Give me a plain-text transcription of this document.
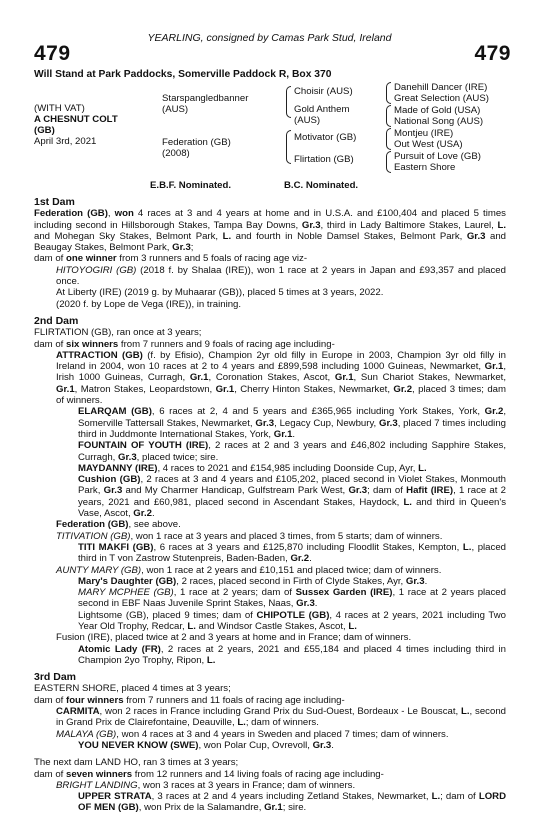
YEARLING, consigned by Camas Park Stud, Ireland
479	479
Will Stand at Park Paddocks, Somerville Paddock R, Box 370
(WITH VAT)
A CHESNUT COLT
(GB)
April 3rd, 2021
Starspangledbanner
(AUS)
Federation (GB)
(2008)
Choisir (AUS)
Gold Anthem
(AUS)
Motivator (GB)
Flirtation (GB)
Danehill Dancer (IRE)
Great Selection (AUS)
Made of Gold (USA)
National Song (AUS)
Montjeu (IRE)
Out West (USA)
Pursuit of Love (GB)
Eastern Shore
E.B.F. Nominated.	B.C. Nominated.
1st Dam

Federation (GB), won 4 races at 3 and 4 years at home and in U.S.A. and £100,404 and placed 5 times including second in Hillsborough Stakes, Tampa Bay Downs, Gr.3, third in Lady Baltimore Stakes, Laurel, L. and Mohegan Sky Stakes, Belmont Park, L. and fourth in Noble Damsel Stakes, Belmont Park, Gr.3 and Beaugay Stakes, Belmont Park, Gr.3;

dam of one winner from 3 runners and 5 foals of racing age viz-

HITOYOGIRI (GB) (2018 f. by Shalaa (IRE)), won 1 race at 2 years in Japan and £93,357 and placed once.

At Liberty (IRE) (2019 g. by Muhaarar (GB)), placed 5 times at 3 years, 2022.

(2020 f. by Lope de Vega (IRE)), in training.

2nd Dam

FLIRTATION (GB), ran once at 3 years;

dam of six winners from 7 runners and 9 foals of racing age including-

ATTRACTION (GB) (f. by Efisio), Champion 2yr old filly in Europe in 2003, Champion 3yr old filly in Ireland in 2004, won 10 races at 2 to 4 years and £899,598 including 1000 Guineas, Newmarket, Gr.1, Irish 1000 Guineas, Curragh, Gr.1, Coronation Stakes, Ascot, Gr.1, Sun Chariot Stakes, Newmarket, Gr.1, Matron Stakes, Leopardstown, Gr.1, Cherry Hinton Stakes, Newmarket, Gr.2, placed 3 times; dam of winners.

ELARQAM (GB), 6 races at 2, 4 and 5 years and £365,965 including York Stakes, York, Gr.2, Somerville Tattersall Stakes, Newmarket, Gr.3, Legacy Cup, Newbury, Gr.3, placed 7 times including third in Juddmonte International Stakes, York, Gr.1.

FOUNTAIN OF YOUTH (IRE), 2 races at 2 and 3 years and £46,802 including Sapphire Stakes, Curragh, Gr.3, placed twice; sire.

MAYDANNY (IRE), 4 races to 2021 and £154,985 including Doonside Cup, Ayr, L.

Cushion (GB), 2 races at 3 and 4 years and £105,202, placed second in Violet Stakes, Monmouth Park, Gr.3 and My Charmer Handicap, Gulfstream Park West, Gr.3; dam of Hafit (IRE), 1 race at 2 years, 2021 and £60,981, placed second in Ascendant Stakes, Haydock, L. and third in Queen's Vase, Ascot, Gr.2.

Federation (GB), see above.

TITIVATION (GB), won 1 race at 3 years and placed 3 times, from 5 starts; dam of winners.

TITI MAKFI (GB), 6 races at 3 years and £125,870 including Floodlit Stakes, Kempton, L., placed third in T von Zastrow Stutenpreis, Baden-Baden, Gr.2.

AUNTY MARY (GB), won 1 race at 2 years and £10,151 and placed twice; dam of winners.

Mary's Daughter (GB), 2 races, placed second in Firth of Clyde Stakes, Ayr, Gr.3.

MARY MCPHEE (GB), 1 race at 2 years; dam of Sussex Garden (IRE), 1 race at 2 years placed second in EBF Naas Juvenile Sprint Stakes, Naas, Gr.3.

Lightsome (GB), placed 9 times; dam of CHIPOTLE (GB), 4 races at 2 years, 2021 including Two Year Old Trophy, Redcar, L. and Windsor Castle Stakes, Ascot, L.

Fusion (IRE), placed twice at 2 and 3 years at home and in France; dam of winners.

Atomic Lady (FR), 2 races at 2 years, 2021 and £55,184 and placed 4 times including third in Champion 2yo Trophy, Ripon, L.

3rd Dam

EASTERN SHORE, placed 4 times at 3 years;

dam of four winners from 7 runners and 11 foals of racing age including-

CARMITA, won 2 races in France including Grand Prix du Sud-Ouest, Bordeaux - Le Bouscat, L., second in Grand Prix de Clairefontaine, Deauville, L.; dam of winners.

MALAYA (GB), won 4 races at 3 and 4 years in Sweden and placed 7 times; dam of winners.

YOU NEVER KNOW (SWE), won Polar Cup, Ovrevoll, Gr.3.

The next dam LAND HO, ran 3 times at 3 years;

dam of seven winners from 12 runners and 14 living foals of racing age including-

BRIGHT LANDING, won 3 races at 3 years in France; dam of winners.

UPPER STRATA, 3 races at 2 and 4 years including Zetland Stakes, Newmarket, L.; dam of LORD OF MEN (GB), won Prix de la Salamandre, Gr.1; sire.
